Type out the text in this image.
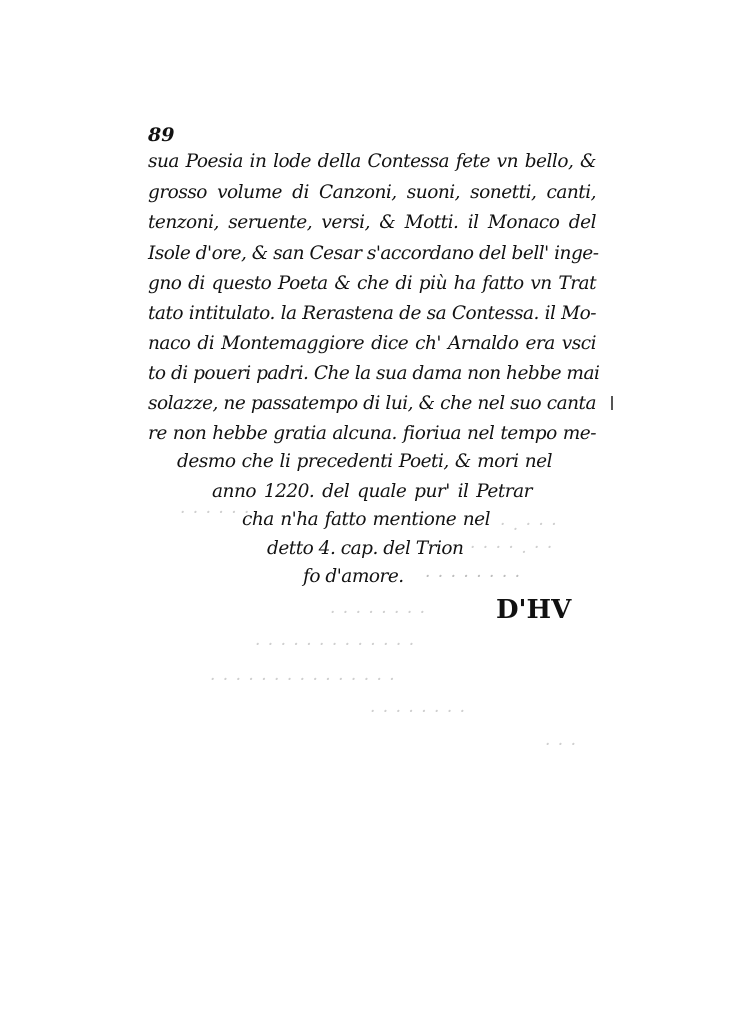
89
sua Poesia in lode della Contessa fete vn bello, &
grosso volume di Canzoni, suoni, sonetti, canti,
tenzoni, seruente, versi, & Motti. il Monaco del
Isole d'ore, & san Cesar s'accordano del bell' inge-
gno di questo Poeta & che di più ha fatto vn Trat
tato intitulato. la Rerastena de sa Contessa. il Mo-
naco di Montemaggiore dice ch' Arnaldo era vsci
to di poueri padri. Che la sua dama non hebbe mai
solazze, ne passatempo di lui, & che nel suo canta
re non hebbe gratia alcuna. fioriua nel tempo me-
desmo che li precedenti Poeti, & mori nel
anno 1220. del quale pur' il Petrar
cha n'ha fatto mentione nel
detto 4. cap. del Trion
fo d'amore.
D'HV
· · · · · ·
· . · · ·
· · · · . · ·
· · · · · · · ·
· · · · · · · ·
· · · · · · · · · · · · ·
· · · · · · · · · · · · · · ·
· · · · · · · ·
· · ·
